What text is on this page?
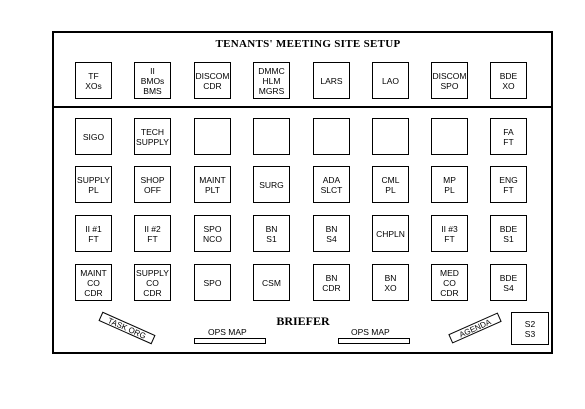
TENANTS' MEETING SITE SETUP
TF
XOs
II
BMOs
BMS
DISCOM
CDR
DMMC
HLM
MGRS
LARS	LAO	DISCOM
SPO
BDE
XO
SIGO	TECH
SUPPLY
FA
FT
SUPPLY
PL
SHOP
OFF
MAINT
PLT	SURG	ADA
SLCT
CML
PL
MP
PL
ENG
FT
II #1
FT
II #2
FT
SPO
NCO
BN
S1
BN
S4	CHPLN	II #3
FT
BDE
S1
MAINT
CO
CDR
SUPPLY
CO
CDR
SPO	CSM	BN
CDR
BN
XO
MED
CO
CDR
BDE
S4
BRIEFER
OPS MAP	OPS MAP
TASK ORG	AGENDA	S2
S3
